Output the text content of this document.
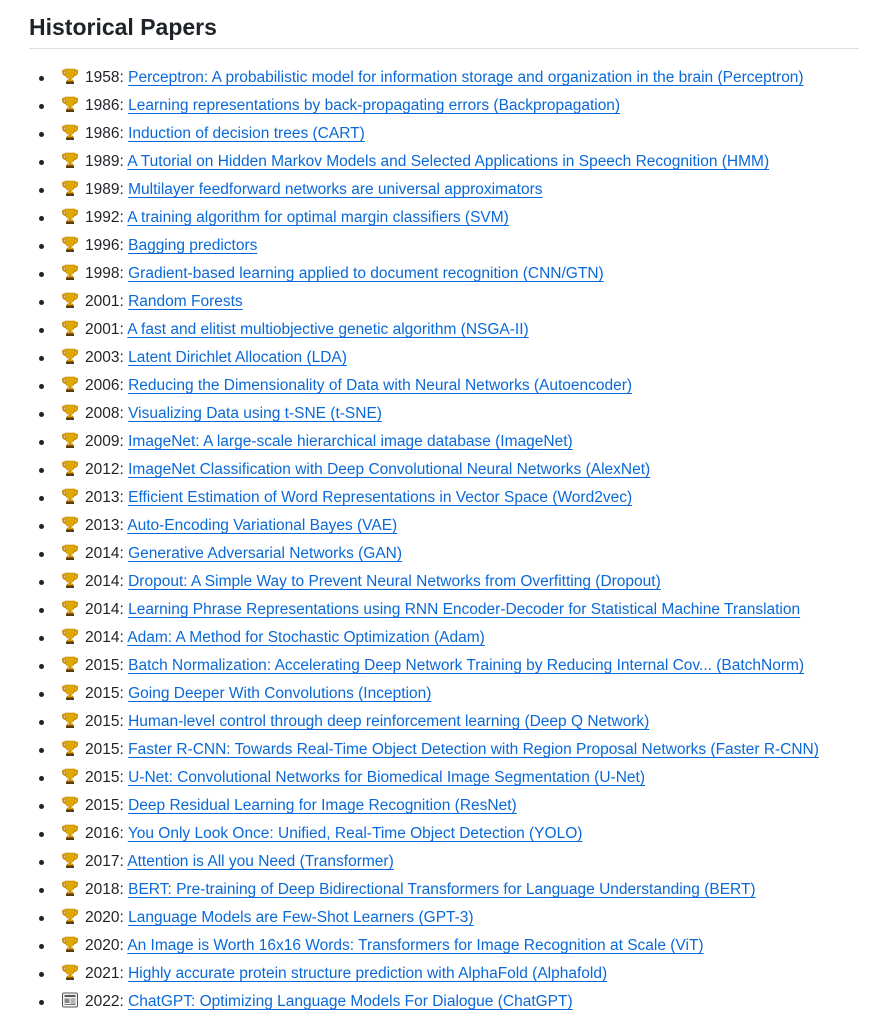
Historical Papers
1958: Perceptron: A probabilistic model for information storage and organization in the brain (Perceptron)
1986: Learning representations by back-propagating errors (Backpropagation)
1986: Induction of decision trees (CART)
1989: A Tutorial on Hidden Markov Models and Selected Applications in Speech Recognition (HMM)
1989: Multilayer feedforward networks are universal approximators
1992: A training algorithm for optimal margin classifiers (SVM)
1996: Bagging predictors
1998: Gradient-based learning applied to document recognition (CNN/GTN)
2001: Random Forests
2001: A fast and elitist multiobjective genetic algorithm (NSGA-II)
2003: Latent Dirichlet Allocation (LDA)
2006: Reducing the Dimensionality of Data with Neural Networks (Autoencoder)
2008: Visualizing Data using t-SNE (t-SNE)
2009: ImageNet: A large-scale hierarchical image database (ImageNet)
2012: ImageNet Classification with Deep Convolutional Neural Networks (AlexNet)
2013: Efficient Estimation of Word Representations in Vector Space (Word2vec)
2013: Auto-Encoding Variational Bayes (VAE)
2014: Generative Adversarial Networks (GAN)
2014: Dropout: A Simple Way to Prevent Neural Networks from Overfitting (Dropout)
2014: Learning Phrase Representations using RNN Encoder-Decoder for Statistical Machine Translation
2014: Adam: A Method for Stochastic Optimization (Adam)
2015: Batch Normalization: Accelerating Deep Network Training by Reducing Internal Cov... (BatchNorm)
2015: Going Deeper With Convolutions (Inception)
2015: Human-level control through deep reinforcement learning (Deep Q Network)
2015: Faster R-CNN: Towards Real-Time Object Detection with Region Proposal Networks (Faster R-CNN)
2015: U-Net: Convolutional Networks for Biomedical Image Segmentation (U-Net)
2015: Deep Residual Learning for Image Recognition (ResNet)
2016: You Only Look Once: Unified, Real-Time Object Detection (YOLO)
2017: Attention is All you Need (Transformer)
2018: BERT: Pre-training of Deep Bidirectional Transformers for Language Understanding (BERT)
2020: Language Models are Few-Shot Learners (GPT-3)
2020: An Image is Worth 16x16 Words: Transformers for Image Recognition at Scale (ViT)
2021: Highly accurate protein structure prediction with AlphaFold (Alphafold)
2022: ChatGPT: Optimizing Language Models For Dialogue (ChatGPT)
